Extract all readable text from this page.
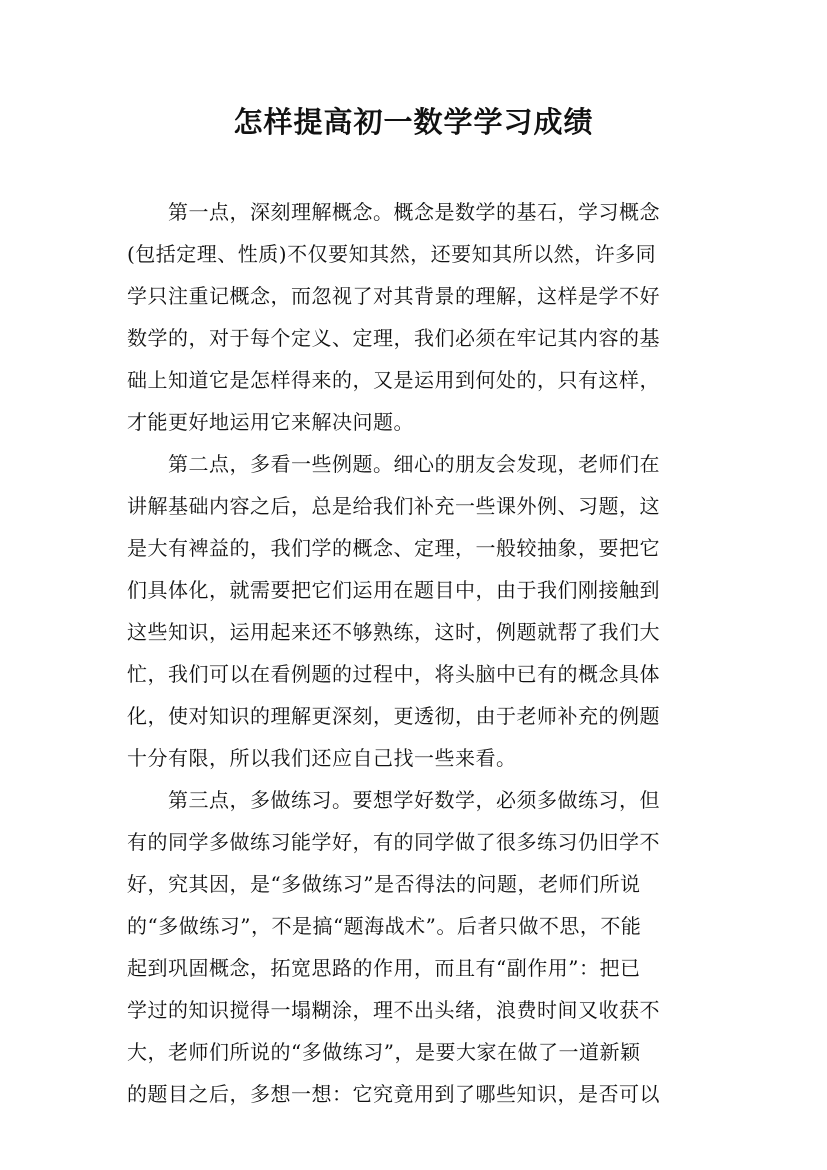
怎样提高初一数学学习成绩
　　第一点，深刻理解概念。概念是数学的基石，学习概念
(包括定理、性质)不仅要知其然，还要知其所以然，许多同
学只注重记概念，而忽视了对其背景的理解，这样是学不好
数学的，对于每个定义、定理，我们必须在牢记其内容的基
础上知道它是怎样得来的，又是运用到何处的，只有这样，
才能更好地运用它来解决问题。
　　第二点，多看一些例题。细心的朋友会发现，老师们在
讲解基础内容之后，总是给我们补充一些课外例、习题，这
是大有裨益的，我们学的概念、定理，一般较抽象，要把它
们具体化，就需要把它们运用在题目中，由于我们刚接触到
这些知识，运用起来还不够熟练，这时，例题就帮了我们大
忙，我们可以在看例题的过程中，将头脑中已有的概念具体
化，使对知识的理解更深刻，更透彻，由于老师补充的例题
十分有限，所以我们还应自己找一些来看。
　　第三点，多做练习。要想学好数学，必须多做练习，但
有的同学多做练习能学好，有的同学做了很多练习仍旧学不
好，究其因，是“多做练习”是否得法的问题，老师们所说
的“多做练习”，不是搞“题海战术”。后者只做不思，不能
起到巩固概念，拓宽思路的作用，而且有“副作用”：把已
学过的知识搅得一塌糊涂，理不出头绪，浪费时间又收获不
大，老师们所说的“多做练习”，是要大家在做了一道新颖
的题目之后，多想一想：它究竟用到了哪些知识，是否可以
